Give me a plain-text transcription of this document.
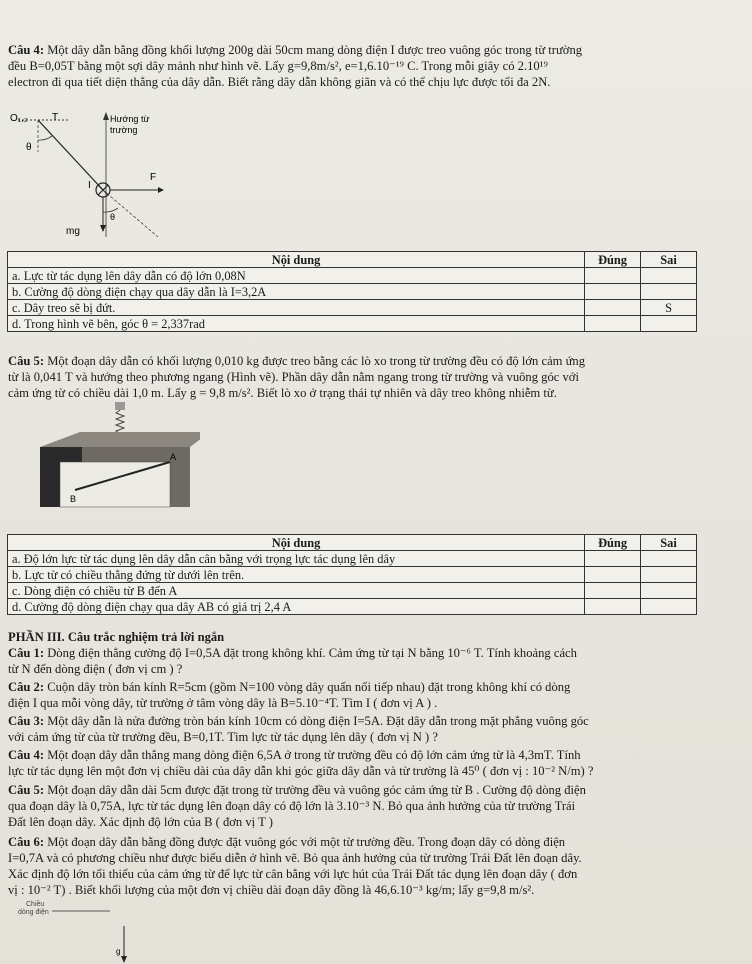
Câu 4: Một dây dẫn bằng đồng khối lượng 200g dài 50cm mang dòng điện I được treo vuông góc trong từ trường
đều B=0,05T bằng một sợi dây mảnh như hình vẽ. Lấy g=9,8m/s², e=1,6.10⁻¹⁹ C. Trong mỗi giây có 2.10¹⁹
electron đi qua tiết diện thẳng của dây dẫn. Biết rằng dây dẫn không giãn và có thể chịu lực được tối đa 2N.
O₁,₂ T
θ
Hướng từ
trường
I
F
θ
mg
Nội dung	Đúng	Sai
a. Lực từ tác dụng lên dây dẫn có độ lớn 0,08N		
b. Cường độ dòng điện chạy qua dây dẫn là I=3,2A		
c. Dây treo sẽ bị đứt.		S
d. Trong hình vẽ bên, góc θ = 2,337rad		
Câu 5: Một đoạn dây dẫn có khối lượng 0,010 kg được treo bằng các lò xo trong từ trường đều có độ lớn cảm ứng
từ là 0,041 T và hướng theo phương ngang (Hình vẽ). Phần dây dẫn nằm ngang trong từ trường và vuông góc với
cảm ứng từ có chiều dài 1,0 m. Lấy g = 9,8 m/s². Biết lò xo ở trạng thái tự nhiên và dây treo không nhiễm từ.
A
B
Nội dung	Đúng	Sai
a. Độ lớn lực từ tác dụng lên dây dẫn cân bằng với trọng lực tác dụng lên dây		
b. Lực từ có chiều thẳng đứng từ dưới lên trên.		
c. Dòng điện có chiều từ B đến A		
d. Cường độ dòng điện chạy qua dây AB có giá trị 2,4 A		
PHẦN III. Câu trắc nghiệm trả lời ngắn
Câu 1: Dòng điện thẳng cường độ I=0,5A đặt trong không khí. Cảm ứng từ tại N bằng 10⁻⁶ T. Tính khoảng cách
từ N đến dòng điện ( đơn vị cm ) ?
Câu 2: Cuộn dây tròn bán kính R=5cm (gồm N=100 vòng dây quấn nối tiếp nhau) đặt trong không khí có dòng
điện I qua mỗi vòng dây, từ trường ở tâm vòng dây là B=5.10⁻⁴T. Tìm I ( đơn vị A ) .
Câu 3: Một dây dẫn là nửa đường tròn bán kính 10cm có dòng điện I=5A. Đặt dây dẫn trong mặt phẳng vuông góc
với cảm ứng từ của từ trường đều, B=0,1T. Tìm lực từ tác dụng lên dây ( đơn vị N ) ?
Câu 4: Một đoạn dây dẫn thẳng mang dòng điện 6,5A ở trong từ trường đều có độ lớn cảm ứng từ là 4,3mT. Tính
lực từ tác dụng lên một đơn vị chiều dài của dây dẫn khi góc giữa dây dẫn và từ trường là 45⁰ ( đơn vị : 10⁻² N/m) ?
Câu 5: Một đoạn dây dẫn dài 5cm được đặt trong từ trường đều và vuông góc cảm ứng từ B . Cường độ dòng điện
qua đoạn dây là 0,75A, lực từ tác dụng lên đoạn dây có độ lớn là 3.10⁻³ N. Bỏ qua ảnh hưởng của từ trường Trái
Đất lên đoạn dây. Xác định độ lớn của B ( đơn vị T )
Câu 6: Một đoạn dây dẫn bằng đồng được đặt vuông góc với một từ trường đều. Trong đoạn dây có dòng điện
I=0,7A và có phương chiều như được biểu diễn ở hình vẽ. Bỏ qua ảnh hưởng của từ trường Trái Đất lên đoạn dây.
Xác định độ lớn tối thiểu của cảm ứng từ để lực từ cân bằng với lực hút của Trái Đất tác dụng lên đoạn dây ( đơn
vị : 10⁻² T) . Biết khối lượng của một đơn vị chiều dài đoạn dây đồng là 46,6.10⁻³ kg/m; lấy g=9,8 m/s².
Chiều
dòng điện
g
